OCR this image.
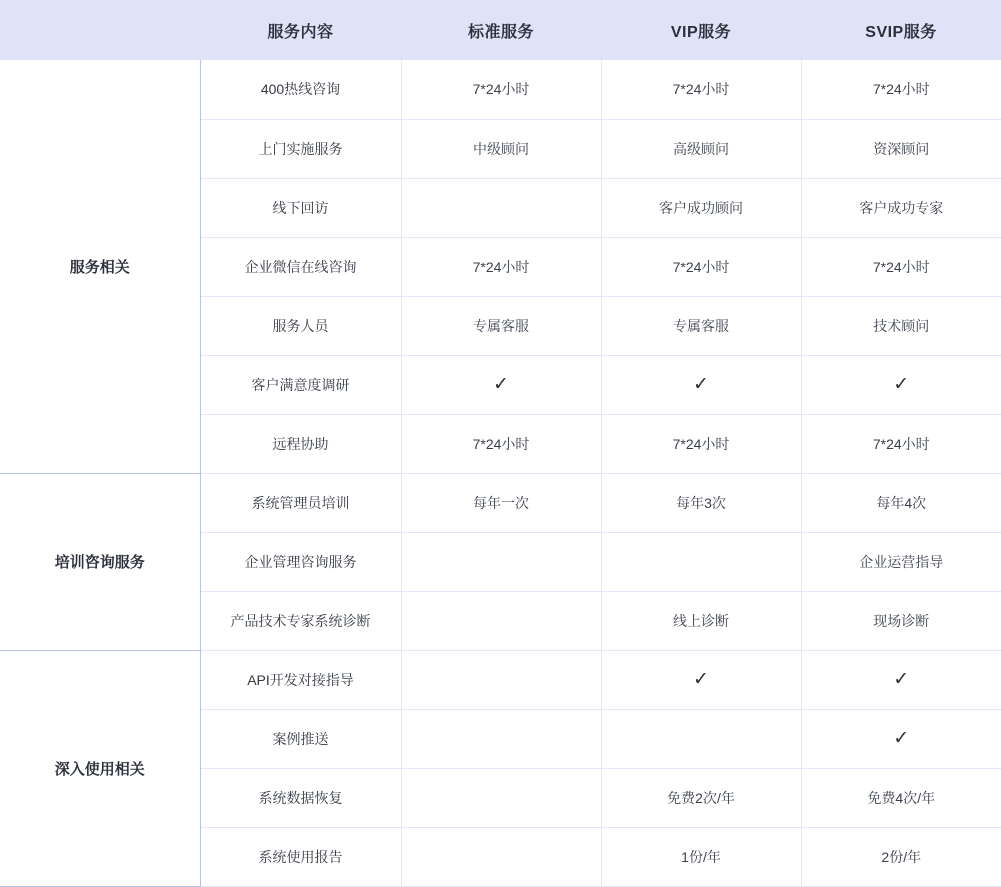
	服务内容	标准服务	VIP服务	SVIP服务
服务相关	400热线咨询	7*24小时	7*24小时	7*24小时
	上门实施服务	中级顾问	高级顾问	资深顾问
	线下回访		客户成功顾问	客户成功专家
	企业微信在线咨询	7*24小时	7*24小时	7*24小时
	服务人员	专属客服	专属客服	技术顾问
	客户满意度调研	✓	✓	✓
	远程协助	7*24小时	7*24小时	7*24小时
培训咨询服务	系统管理员培训	每年一次	每年3次	每年4次
	企业管理咨询服务			企业运营指导
	产品技术专家系统诊断		线上诊断	现场诊断
深入使用相关	API开发对接指导		✓	✓
	案例推送			✓
	系统数据恢复		免费2次/年	免费4次/年
	系统使用报告		1份/年	2份/年
